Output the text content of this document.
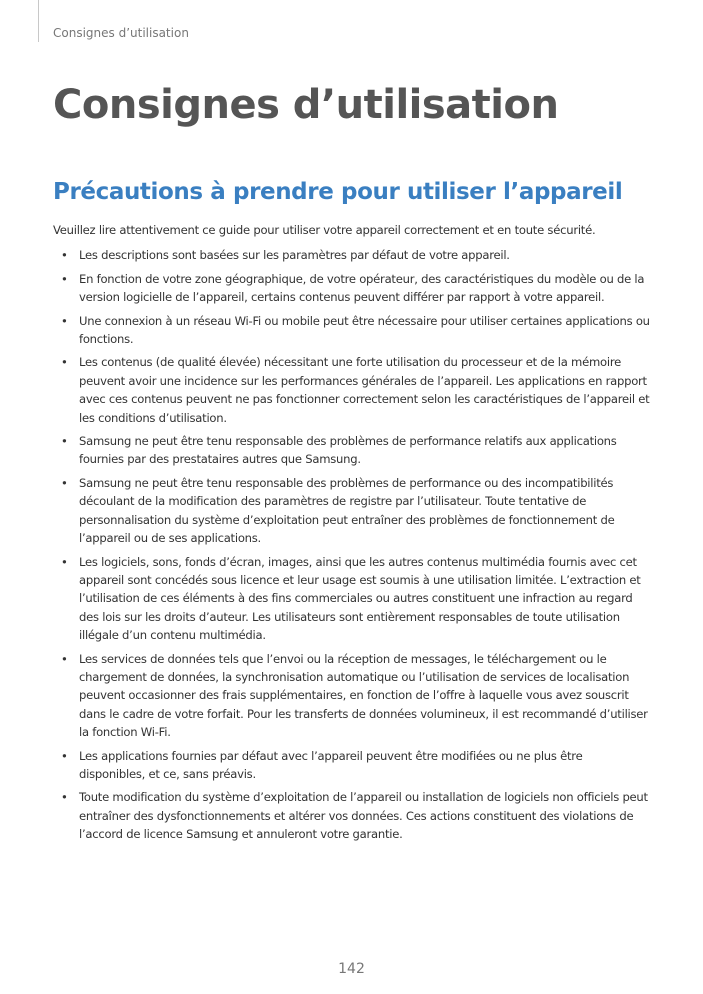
Consignes d’utilisation
Consignes d’utilisation
Précautions à prendre pour utiliser l’appareil

Veuillez lire attentivement ce guide pour utiliser votre appareil correctement et en toute sécurité.

• Les descriptions sont basées sur les paramètres par défaut de votre appareil.
• En fonction de votre zone géographique, de votre opérateur, des caractéristiques du modèle ou de la version logicielle de l’appareil, certains contenus peuvent différer par rapport à votre appareil.
• Une connexion à un réseau Wi-Fi ou mobile peut être nécessaire pour utiliser certaines applications ou fonctions.
• Les contenus (de qualité élevée) nécessitant une forte utilisation du processeur et de la mémoire peuvent avoir une incidence sur les performances générales de l’appareil. Les applications en rapport avec ces contenus peuvent ne pas fonctionner correctement selon les caractéristiques de l’appareil et les conditions d’utilisation.
• Samsung ne peut être tenu responsable des problèmes de performance relatifs aux applications fournies par des prestataires autres que Samsung.
• Samsung ne peut être tenu responsable des problèmes de performance ou des incompatibilités découlant de la modification des paramètres de registre par l’utilisateur. Toute tentative de personnalisation du système d’exploitation peut entraîner des problèmes de fonctionnement de l’appareil ou de ses applications.
• Les logiciels, sons, fonds d’écran, images, ainsi que les autres contenus multimédia fournis avec cet appareil sont concédés sous licence et leur usage est soumis à une utilisation limitée. L’extraction et l’utilisation de ces éléments à des fins commerciales ou autres constituent une infraction au regard des lois sur les droits d’auteur. Les utilisateurs sont entièrement responsables de toute utilisation illégale d’un contenu multimédia.
• Les services de données tels que l’envoi ou la réception de messages, le téléchargement ou le chargement de données, la synchronisation automatique ou l’utilisation de services de localisation peuvent occasionner des frais supplémentaires, en fonction de l’offre à laquelle vous avez souscrit dans le cadre de votre forfait. Pour les transferts de données volumineux, il est recommandé d’utiliser la fonction Wi-Fi.
• Les applications fournies par défaut avec l’appareil peuvent être modifiées ou ne plus être disponibles, et ce, sans préavis.
• Toute modification du système d’exploitation de l’appareil ou installation de logiciels non officiels peut entraîner des dysfonctionnements et altérer vos données. Ces actions constituent des violations de l’accord de licence Samsung et annuleront votre garantie.
142
